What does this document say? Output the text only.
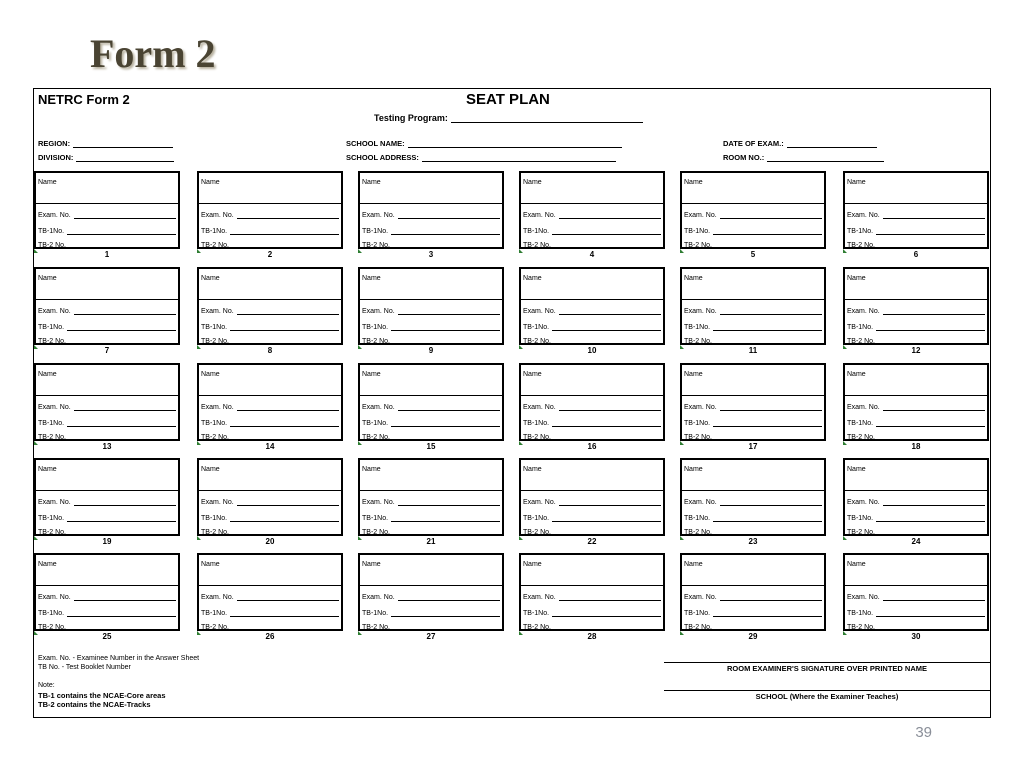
Form 2
NETRC Form 2	SEAT PLAN
Testing Program:
REGION:
DIVISION:
SCHOOL NAME:
SCHOOL ADDRESS:
DATE OF EXAM.:
ROOM NO.:
Name
Exam. No.
TB-1No.
TB-2 No.
1
Name
Exam. No.
TB-1No.
TB-2 No.
2
Name
Exam. No.
TB-1No.
TB-2 No.
3
Name
Exam. No.
TB-1No.
TB-2 No.
4
Name
Exam. No.
TB-1No.
TB-2 No.
5
Name
Exam. No.
TB-1No.
TB-2 No.
6
Name
Exam. No.
TB-1No.
TB-2 No.
7
Name
Exam. No.
TB-1No.
TB-2 No.
8
Name
Exam. No.
TB-1No.
TB-2 No.
9
Name
Exam. No.
TB-1No.
TB-2 No.
10
Name
Exam. No.
TB-1No.
TB-2 No.
11
Name
Exam. No.
TB-1No.
TB-2 No.
12
Name
Exam. No.
TB-1No.
TB-2 No.
13
Name
Exam. No.
TB-1No.
TB-2 No.
14
Name
Exam. No.
TB-1No.
TB-2 No.
15
Name
Exam. No.
TB-1No.
TB-2 No.
16
Name
Exam. No.
TB-1No.
TB-2 No.
17
Name
Exam. No.
TB-1No.
TB-2 No.
18
Name
Exam. No.
TB-1No.
TB-2 No.
19
Name
Exam. No.
TB-1No.
TB-2 No.
20
Name
Exam. No.
TB-1No.
TB-2 No.
21
Name
Exam. No.
TB-1No.
TB-2 No.
22
Name
Exam. No.
TB-1No.
TB-2 No.
23
Name
Exam. No.
TB-1No.
TB-2 No.
24
Name
Exam. No.
TB-1No.
TB-2 No.
25
Name
Exam. No.
TB-1No.
TB-2 No.
26
Name
Exam. No.
TB-1No.
TB-2 No.
27
Name
Exam. No.
TB-1No.
TB-2 No.
28
Name
Exam. No.
TB-1No.
TB-2 No.
29
Name
Exam. No.
TB-1No.
TB-2 No.
30
Exam. No. - Examinee Number in the Answer Sheet
TB No. - Test Booklet Number
Note:
TB-1 contains the NCAE-Core areas
TB-2 contains the NCAE-Tracks
ROOM EXAMINER'S SIGNATURE OVER PRINTED NAME
SCHOOL (Where the Examiner Teaches)
39
